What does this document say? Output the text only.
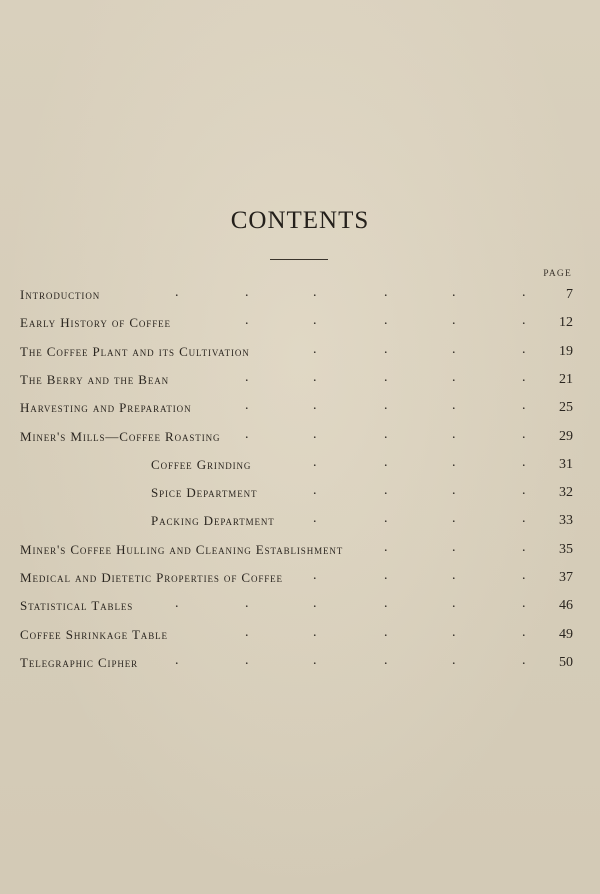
CONTENTS
PAGE
Introduction	.	.	.	.	.	.	7
Early History of Coffee	.	.	.	.	. 12
The Coffee Plant and its Cultivation	.	.	.	. 19
The Berry and the Bean	.	.	.	.	. 21
Harvesting and Preparation	.	.	.	.	. 25
Miner's Mills—Coffee Roasting .	.	.	.	. 29
Coffee Grinding	.	.	.	. 31
Spice Department	.	.	.	. 32
Packing Department	.	.	.	. 33
Miner's Coffee Hulling and Cleaning Establishment	.	.	. 35
Medical and Dietetic Properties of Coffee .	.	.	. 37
Statistical Tables	.	.	.	.	.	. 46
Coffee Shrinkage Table	.	.	.	.	. 49
Telegraphic Cipher	.	.	.	.	.	. 50
